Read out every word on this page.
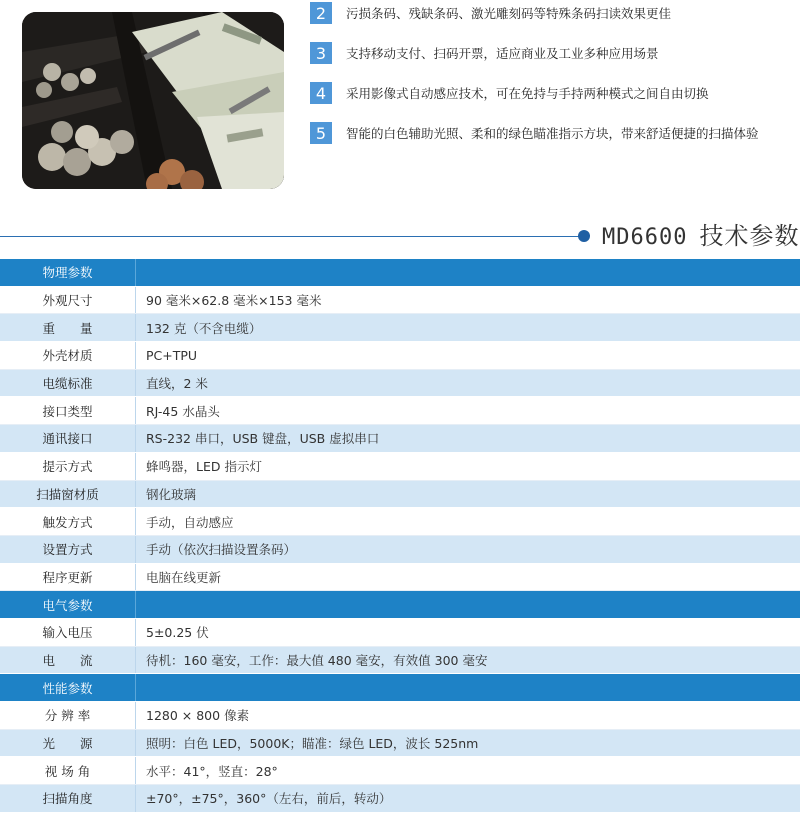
2	污损条码、残缺条码、激光雕刻码等特殊条码扫读效果更佳
3	支持移动支付、扫码开票，适应商业及工业多种应用场景
4	采用影像式自动感应技术，可在免持与手持两种模式之间自由切换
5	智能的白色辅助光照、柔和的绿色瞄准指示方块，带来舒适便捷的扫描体验
MD6600 技术参数
物理参数
外观尺寸	90 毫米×62.8 毫米×153 毫米
重　　量	132 克（不含电缆）
外壳材质	PC+TPU
电缆标准	直线，2 米
接口类型	RJ-45 水晶头
通讯接口	RS-232 串口，USB 键盘，USB 虚拟串口
提示方式	蜂鸣器，LED 指示灯
扫描窗材质	钢化玻璃
触发方式	手动，自动感应
设置方式	手动（依次扫描设置条码）
程序更新	电脑在线更新
电气参数
输入电压	5±0.25 伏
电　　流	待机：160 毫安，工作：最大值 480 毫安，有效值 300 毫安
性能参数
分 辨 率	1280 × 800 像素
光　　源	照明：白色 LED，5000K；瞄准：绿色 LED，波长 525nm
视 场 角	水平：41°，竖直：28°
扫描角度	±70°，±75°，360°（左右，前后，转动）
